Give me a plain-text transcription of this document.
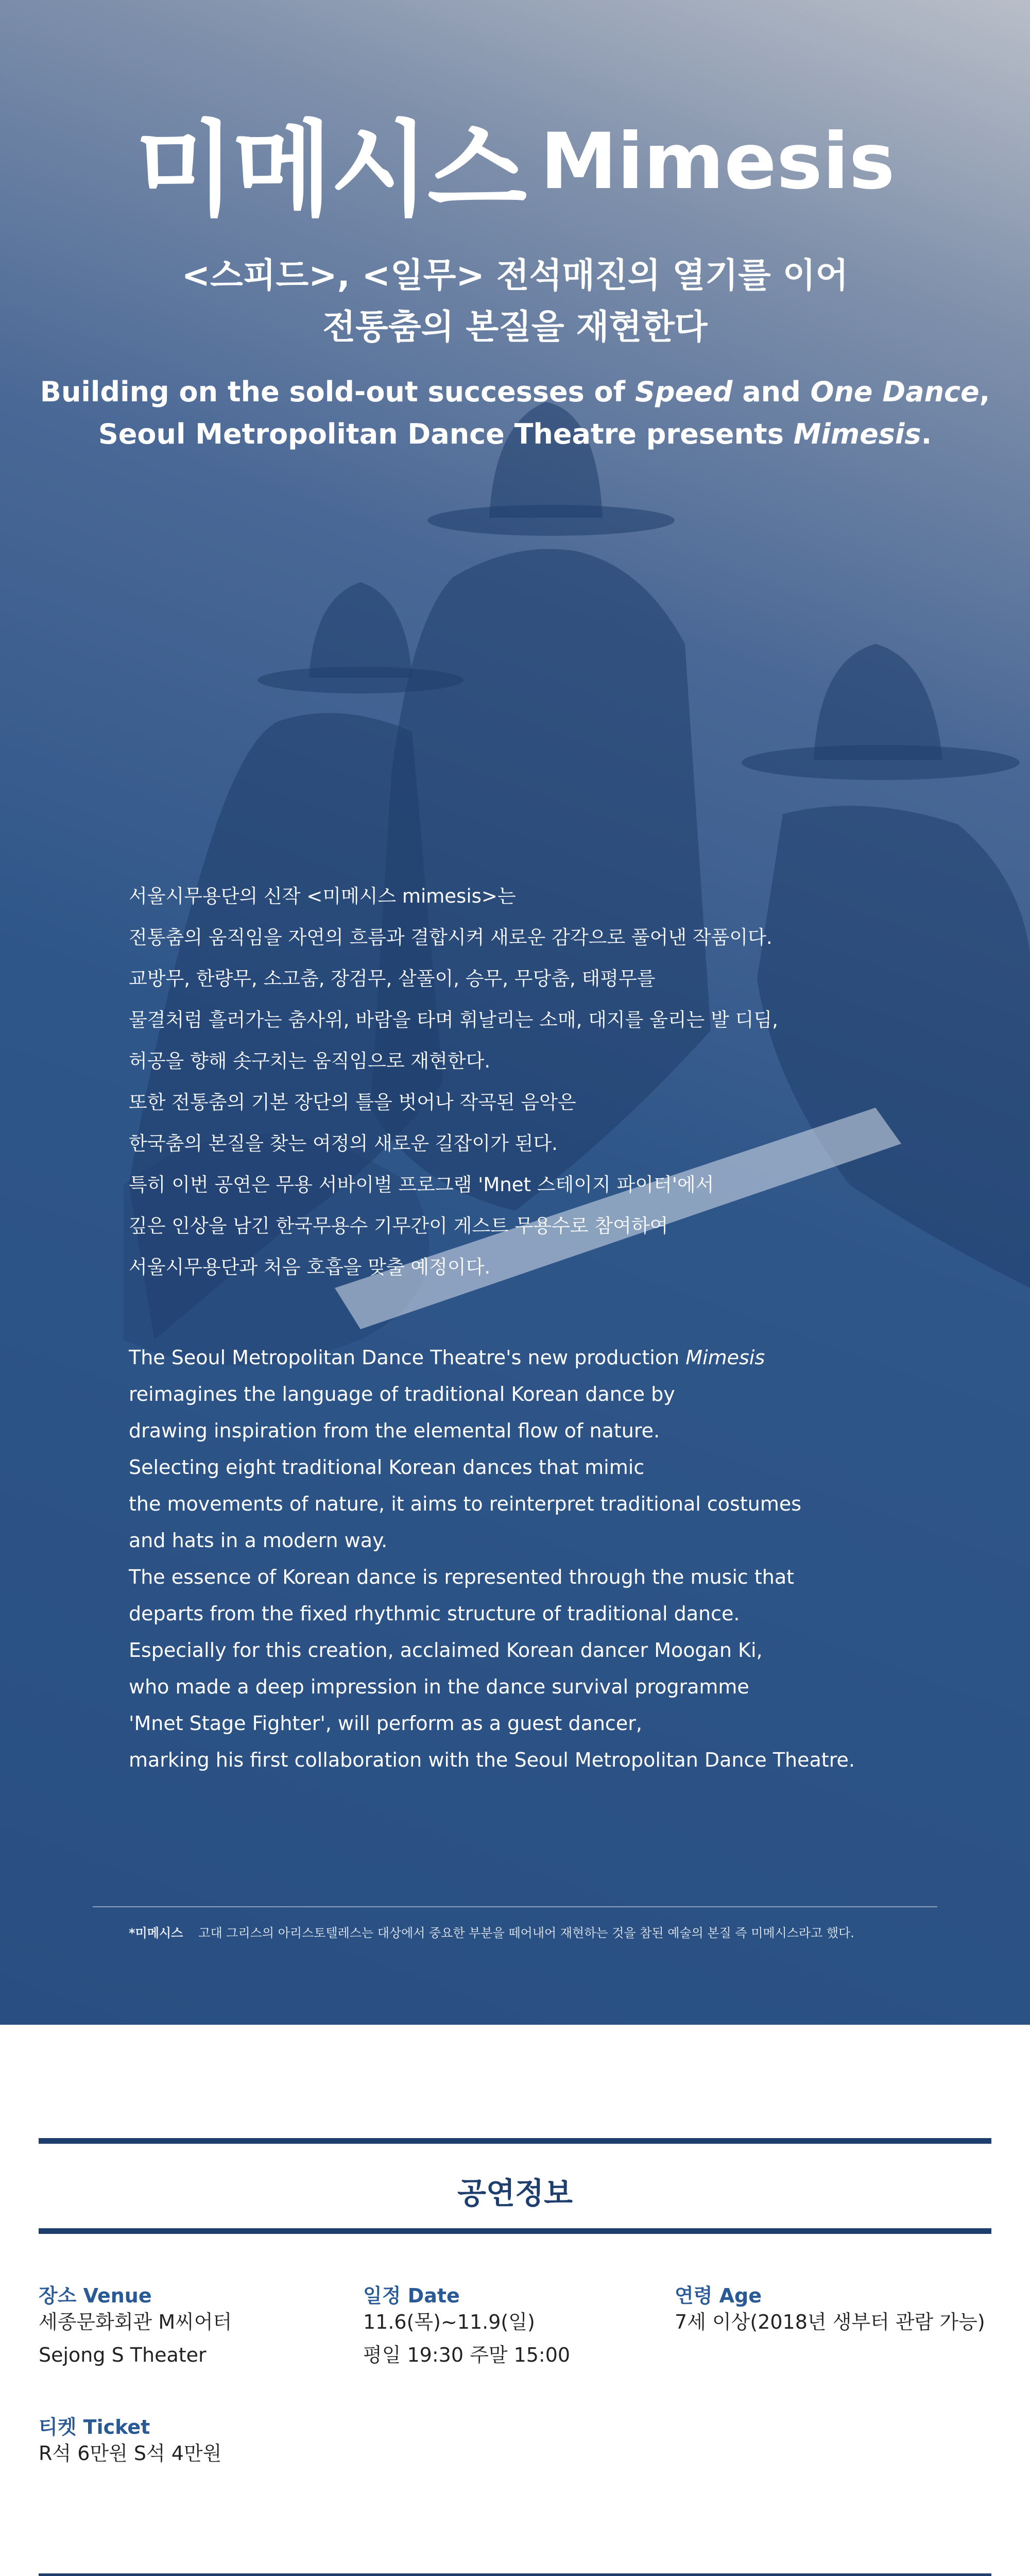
미메시스 Mimesis
<스피드>, <일무> 전석매진의 열기를 이어
전통춤의 본질을 재현한다
Building on the sold-out successes of Speed and One Dance,
Seoul Metropolitan Dance Theatre presents Mimesis.
서울시무용단의 신작 <미메시스 mimesis>는
전통춤의 움직임을 자연의 흐름과 결합시켜 새로운 감각으로 풀어낸 작품이다.
교방무, 한량무, 소고춤, 장검무, 살풀이, 승무, 무당춤, 태평무를
물결처럼 흘러가는 춤사위, 바람을 타며 휘날리는 소매, 대지를 울리는 발 디딤,
허공을 향해 솟구치는 움직임으로 재현한다.
또한 전통춤의 기본 장단의 틀을 벗어나 작곡된 음악은
한국춤의 본질을 찾는 여정의 새로운 길잡이가 된다.
특히 이번 공연은 무용 서바이벌 프로그램 'Mnet 스테이지 파이터'에서
깊은 인상을 남긴 한국무용수 기무간이 게스트 무용수로 참여하여
서울시무용단과 처음 호흡을 맞출 예정이다.
The Seoul Metropolitan Dance Theatre's new production Mimesis
reimagines the language of traditional Korean dance by
drawing inspiration from the elemental flow of nature.
Selecting eight traditional Korean dances that mimic
the movements of nature, it aims to reinterpret traditional costumes
and hats in a modern way.
The essence of Korean dance is represented through the music that
departs from the fixed rhythmic structure of traditional dance.
Especially for this creation, acclaimed Korean dancer Moogan Ki,
who made a deep impression in the dance survival programme
'Mnet Stage Fighter', will perform as a guest dancer,
marking his first collaboration with the Seoul Metropolitan Dance Theatre.
*미메시스 고대 그리스의 아리스토텔레스는 대상에서 중요한 부분을 떼어내어 재현하는 것을 참된 예술의 본질 즉 미메시스라고 했다.
공연정보
장소 Venue
세종문화회관 M씨어터
Sejong S Theater
일정 Date
11.6(목)~11.9(일)
평일 19:30 주말 15:00
연령 Age
7세 이상(2018년 생부터 관람 가능)
티켓 Ticket
R석 6만원 S석 4만원
